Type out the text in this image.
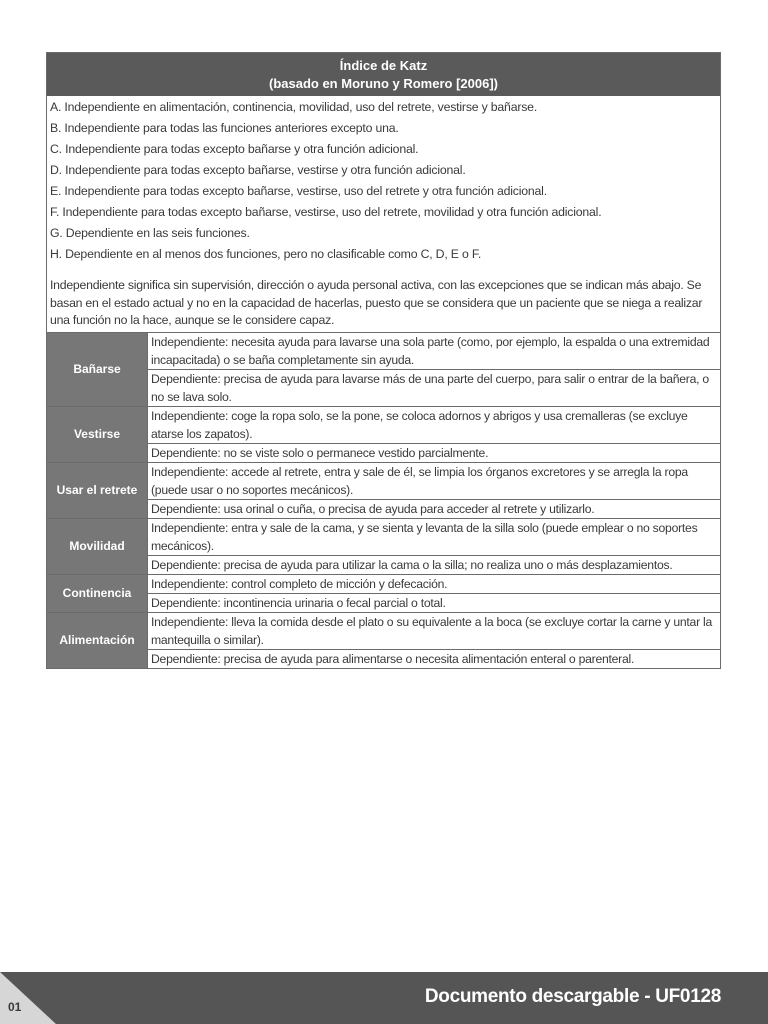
Índice de Katz
(basado en Moruno y Romero [2006])
A. Independiente en alimentación, continencia, movilidad, uso del retrete, vestirse y bañarse.
B. Independiente para todas las funciones anteriores excepto una.
C. Independiente para todas excepto bañarse y otra función adicional.
D. Independiente para todas excepto bañarse, vestirse y otra función adicional.
E. Independiente para todas excepto bañarse, vestirse, uso del retrete y otra función adicional.
F. Independiente para todas excepto bañarse, vestirse, uso del retrete, movilidad y otra función adicional.
G. Dependiente en las seis funciones.
H. Dependiente en al menos dos funciones, pero no clasificable como C, D, E o F.
Independiente significa sin supervisión, dirección o ayuda personal activa, con las excepciones que se indican más abajo. Se basan en el estado actual y no en la capacidad de hacerlas, puesto que se considera que un paciente que se niega a realizar una función no la hace, aunque se le considere capaz.
Bañarse
Independiente: necesita ayuda para lavarse una sola parte (como, por ejemplo, la espalda o una extremidad incapacitada) o se baña completamente sin ayuda.
Dependiente: precisa de ayuda para lavarse más de una parte del cuerpo, para salir o entrar de la bañera, o no se lava solo.
Vestirse
Independiente: coge la ropa solo, se la pone, se coloca adornos y abrigos y usa cremalleras (se excluye atarse los zapatos).
Dependiente: no se viste solo o permanece vestido parcialmente.
Usar el retrete
Independiente: accede al retrete, entra y sale de él, se limpia los órganos excretores y se arregla la ropa (puede usar o no soportes mecánicos).
Dependiente: usa orinal o cuña, o precisa de ayuda para acceder al retrete y utilizarlo.
Movilidad
Independiente: entra y sale de la cama, y se sienta y levanta de la silla solo (puede emplear o no soportes mecánicos).
Dependiente: precisa de ayuda para utilizar la cama o la silla; no realiza uno o más desplazamientos.
Continencia
Independiente: control completo de micción y defecación.
Dependiente: incontinencia urinaria o fecal parcial o total.
Alimentación
Independiente: lleva la comida desde el plato o su equivalente a la boca (se excluye cortar la carne y untar la mantequilla o similar).
Dependiente: precisa de ayuda para alimentarse o necesita alimentación enteral o parenteral.
01	Documento descargable - UF0128
